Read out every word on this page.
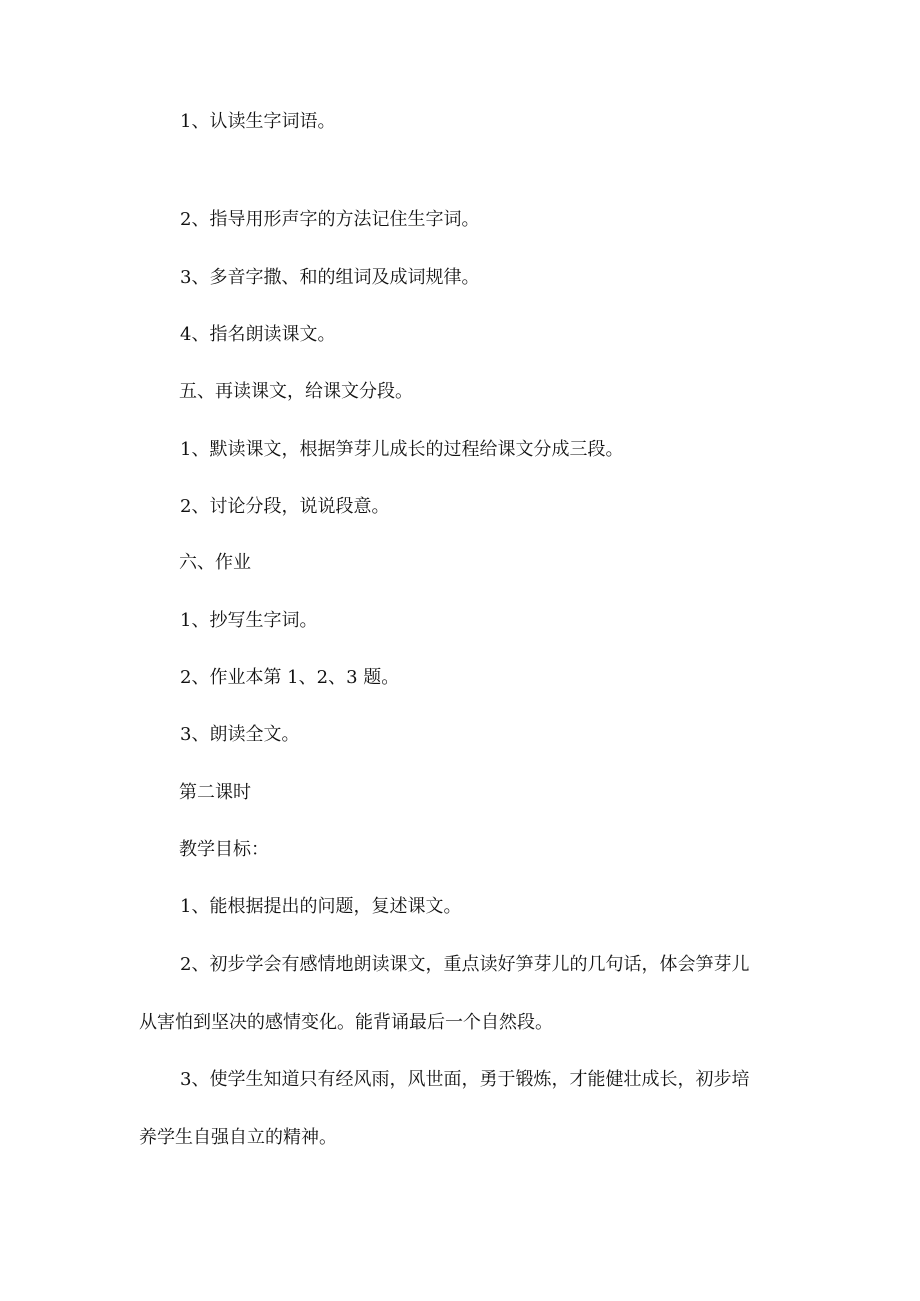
1、认读生字词语。
2、指导用形声字的方法记住生字词。
3、多音字撒、和的组词及成词规律。
4、指名朗读课文。
五、再读课文，给课文分段。
1、默读课文，根据笋芽儿成长的过程给课文分成三段。
2、讨论分段，说说段意。
六、作业
1、抄写生字词。
2、作业本第 1、2、3 题。
3、朗读全文。
第二课时
教学目标：
1、能根据提出的问题，复述课文。
2、初步学会有感情地朗读课文，重点读好笋芽儿的几句话，体会笋芽儿
从害怕到坚决的感情变化。能背诵最后一个自然段。
3、使学生知道只有经风雨，风世面，勇于锻炼，才能健壮成长，初步培
养学生自强自立的精神。
